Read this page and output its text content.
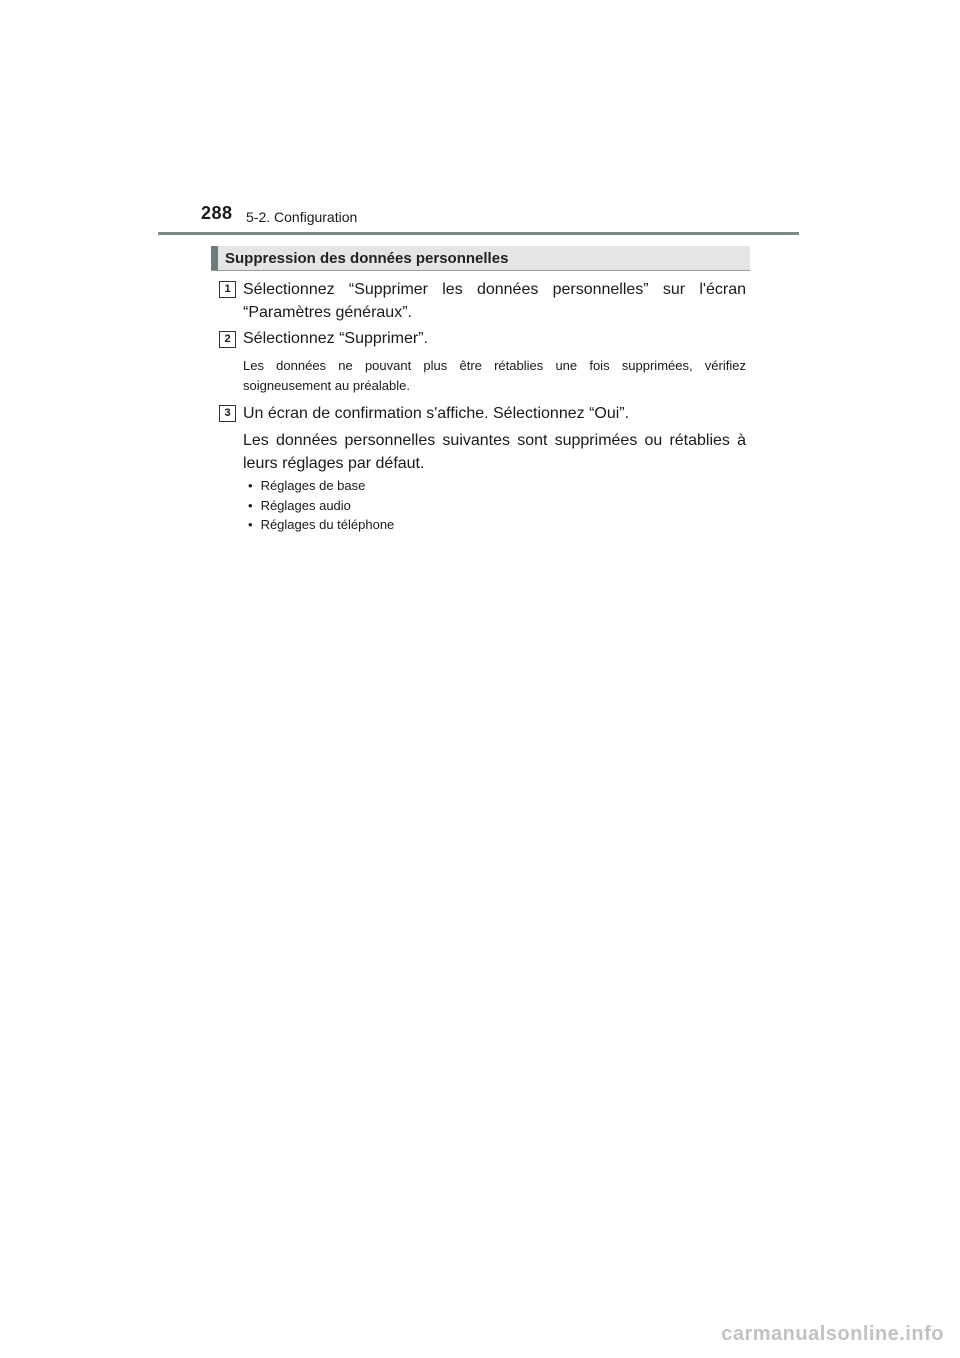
288 5-2. Configuration
Suppression des données personnelles
1 Sélectionnez “Supprimer les données personnelles” sur l'écran “Paramètres généraux”.
2 Sélectionnez “Supprimer”.
Les données ne pouvant plus être rétablies une fois supprimées, vérifiez soigneusement au préalable.
3 Un écran de confirmation s'affiche. Sélectionnez “Oui”.
Les données personnelles suivantes sont supprimées ou rétablies à leurs réglages par défaut.
• Réglages de base
• Réglages audio
• Réglages du téléphone
carmanualsonline.info
